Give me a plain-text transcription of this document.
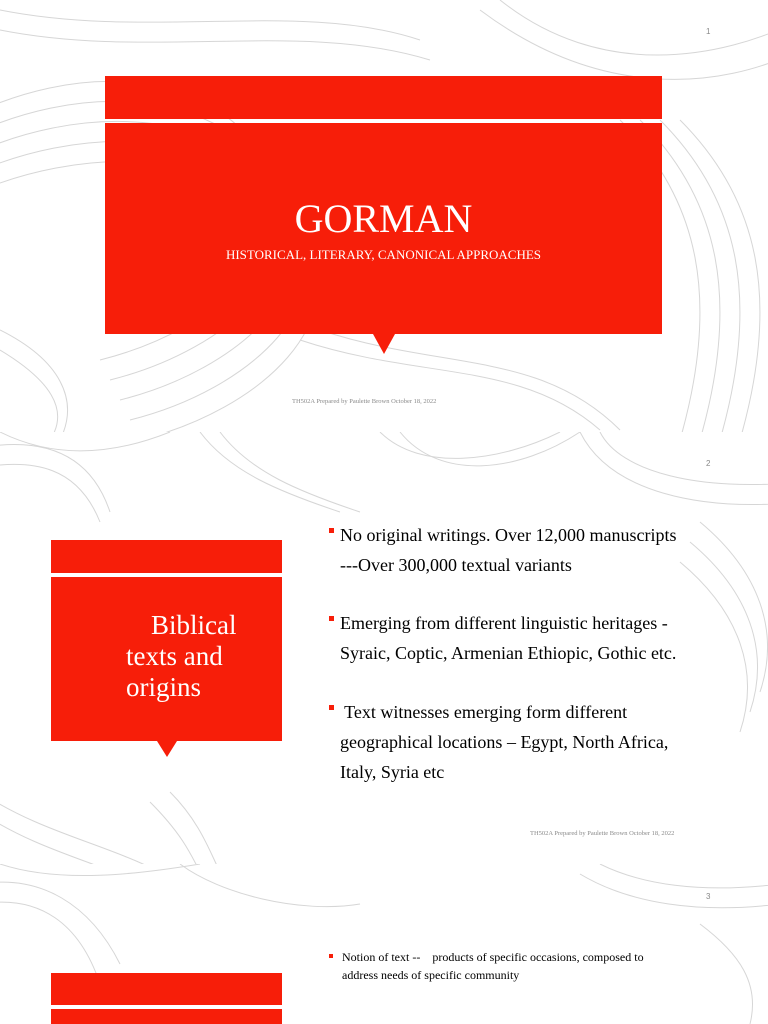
1
GORMAN
HISTORICAL, LITERARY, CANONICAL APPROACHES
TH502A Prepared by Paulette Brown October 18, 2022
2
Biblical
texts and
origins
No original writings. Over 12,000 manuscripts
---Over 300,000 textual variants
Emerging from different linguistic heritages -
Syraic, Coptic, Armenian Ethiopic, Gothic etc.
Text witnesses emerging form different
geographical locations – Egypt, North Africa,
Italy, Syria etc
TH502A Prepared by Paulette Brown October 18, 2022
3
Notion of text --    products of specific occasions, composed to
address needs of specific community
